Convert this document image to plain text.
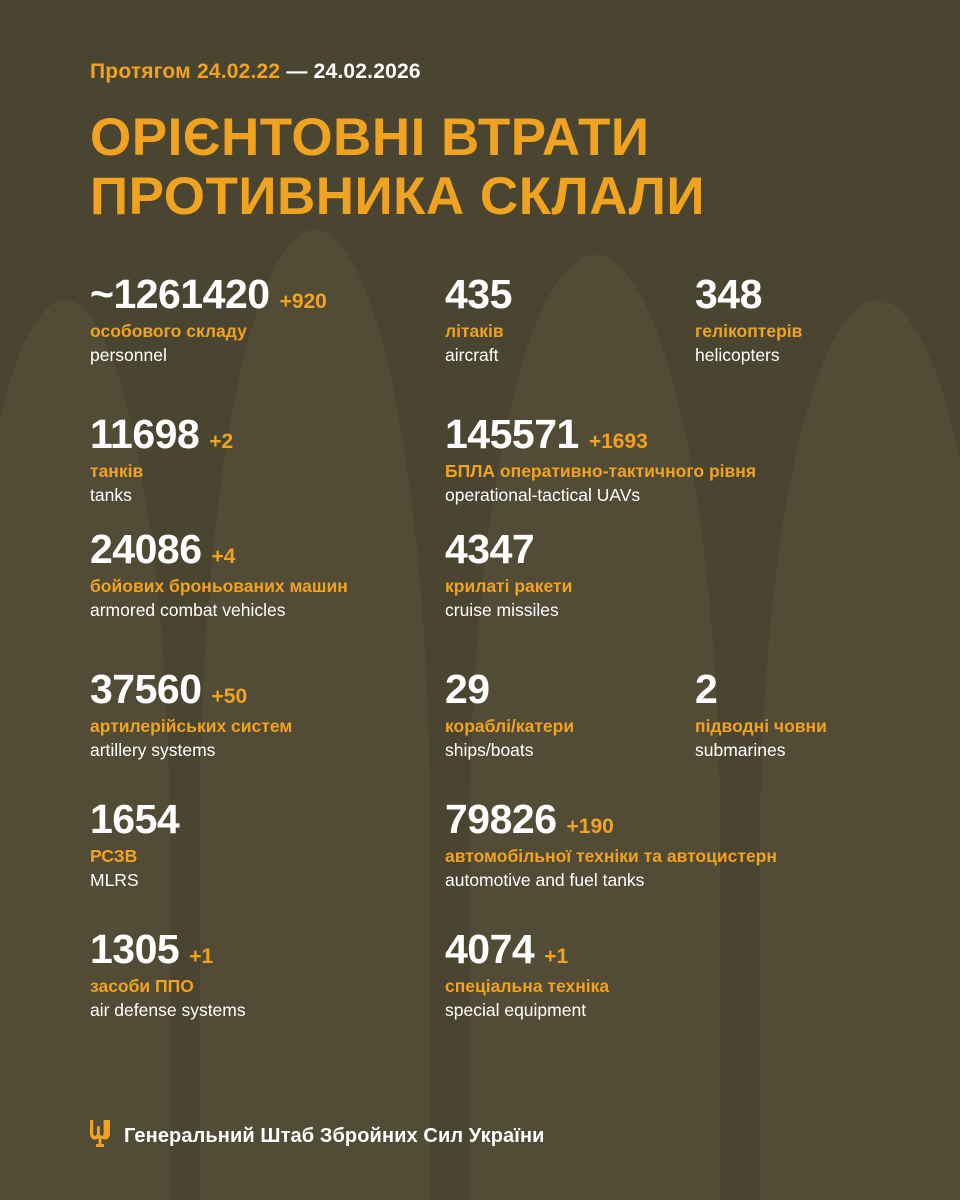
Протягом 24.02.22 — 24.02.2026
ОРІЄНТОВНІ ВТРАТИ
ПРОТИВНИКА СКЛАЛИ
~1261420 +920
особового складу
personnel
435
літаків
aircraft
348
гелікоптерів
helicopters
11698 +2
танків
tanks
145571 +1693
БПЛА оперативно-тактичного рівня
operational-tactical UAVs
24086 +4
бойових броньованих машин
armored combat vehicles
4347
крилаті ракети
cruise missiles
37560 +50
артилерійських систем
artillery systems
29
кораблі/катери
ships/boats
2
підводні човни
submarines
1654
РСЗВ
MLRS
79826 +190
автомобільної техніки та автоцистерн
automotive and fuel tanks
1305 +1
засоби ППО
air defense systems
4074 +1
спеціальна техніка
special equipment
Генеральний Штаб Збройних Сил України
